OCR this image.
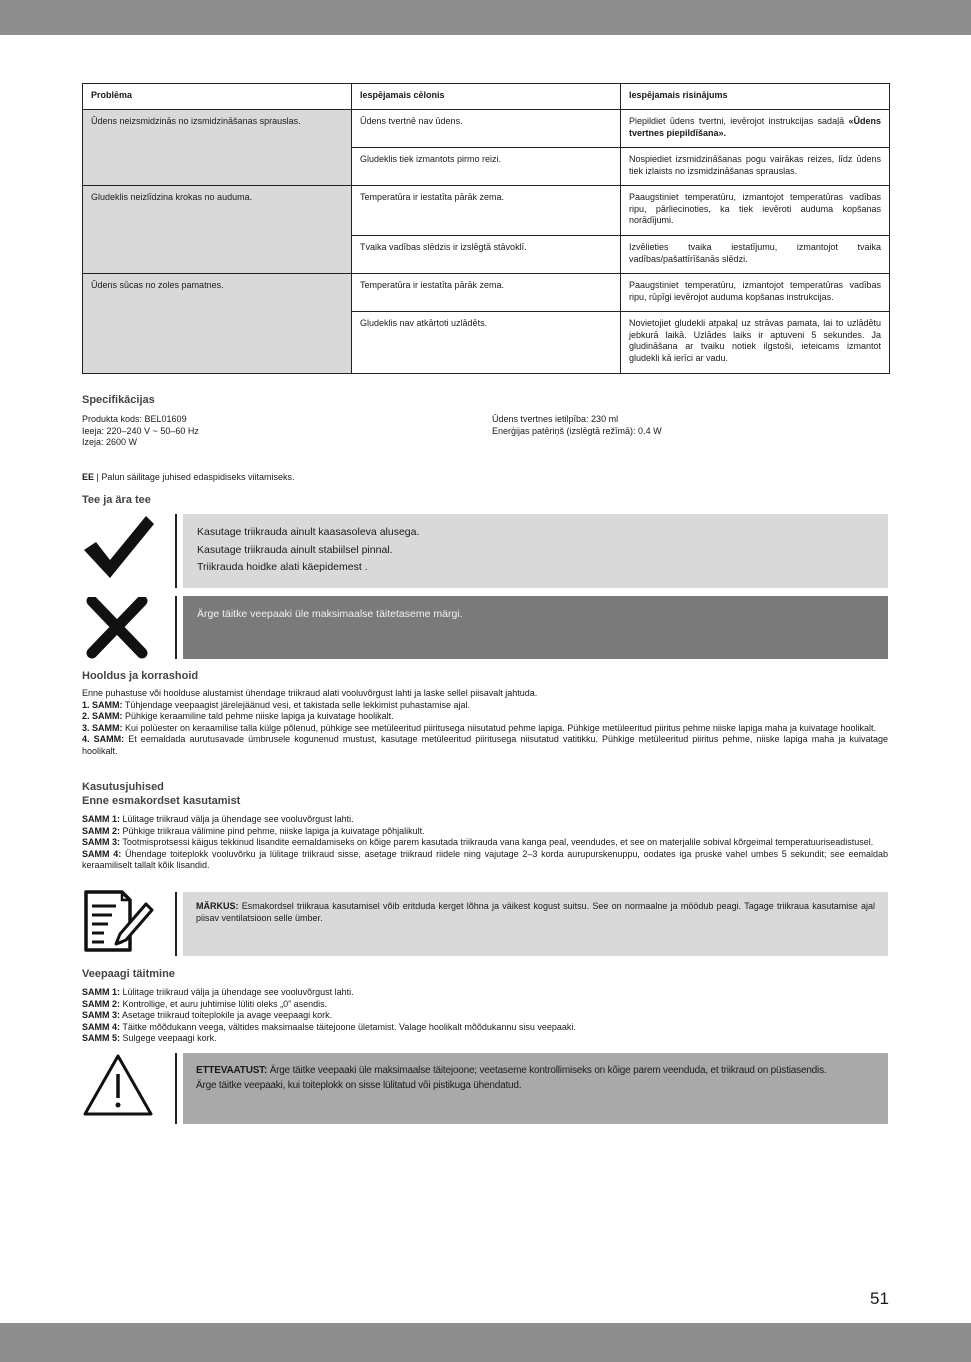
Problēma	Iespējamais cēlonis	Iespējamais risinājums
Ūdens neizsmidzinās no izsmidzināšanas sprauslas.	Ūdens tvertnē nav ūdens.	Piepildiet ūdens tvertni, ievērojot instrukcijas sadaļā «Ūdens tvertnes piepildīšana».
	Gludeklis tiek izmantots pirmo reizi.	Nospiediet izsmidzināšanas pogu vairākas reizes, līdz ūdens tiek izlaists no izsmidzināšanas sprauslas.
Gludeklis neizlīdzina krokas no auduma.	Temperatūra ir iestatīta pārāk zema.	Paaugstiniet temperatūru, izmantojot temperatūras vadības ripu, pārliecinoties, ka tiek ievēroti auduma kopšanas norādījumi.
	Tvaika vadības slēdzis ir izslēgtā stāvoklī.	Izvēlieties tvaika iestatījumu, izmantojot tvaika vadības/pašattīrīšanās slēdzi.
Ūdens sūcas no zoles pamatnes.	Temperatūra ir iestatīta pārāk zema.	Paaugstiniet temperatūru, izmantojot temperatūras vadības ripu, rūpīgi ievērojot auduma kopšanas instrukcijas.
	Gludeklis nav atkārtoti uzlādēts.	Novietojiet gludekli atpakaļ uz strāvas pamata, lai to uzlādētu jebkurā laikā. Uzlādes laiks ir aptuveni 5 sekundes. Ja gludināšana ar tvaiku notiek ilgstoši, ieteicams izmantot gludekli kā ierīci ar vadu.
Specifikācijas
Produkta kods: BEL01609
Ieeja: 220–240 V ~ 50–60 Hz
Izeja: 2600 W
Ūdens tvertnes ietilpība: 230 ml
Enerģijas patēriņš (izslēgtā režīmā): 0.4 W
EE | Palun säilitage juhised edaspidiseks viitamiseks.
Tee ja ära tee
Kasutage triikrauda ainult kaasasoleva alusega.
Kasutage triikrauda ainult stabiilsel pinnal.
Triikrauda hoidke alati käepidemest .
Ärge täitke veepaaki üle maksimaalse täitetaseme märgi.
Hooldus ja korrashoid

Enne puhastuse või hoolduse alustamist ühendage triikraud alati vooluvõrgust lahti ja laske sellel piisavalt jahtuda.

1. SAMM: Tühjendage veepaagist järelejäänud vesi, et takistada selle lekkimist puhastamise ajal.

2. SAMM: Pühkige keraamiline tald pehme niiske lapiga ja kuivatage hoolikalt.

3. SAMM: Kui polüester on keraamilise talla külge põlenud, pühkige see metüleeritud piiritusega niisutatud pehme lapiga. Pühkige metüleeritud piiritus pehme niiske lapiga maha ja kuivatage hoolikalt.

4. SAMM: Et eemaldada aurutusavade ümbrusele kogunenud mustust, kasutage metüleeritud piiritusega niisutatud vatitikku. Pühkige metüleeritud piiritus pehme, niiske lapiga maha ja kuivatage hoolikalt.

Kasutusjuhised
Enne esmakordset kasutamist

SAMM 1: Lülitage triikraud välja ja ühendage see vooluvõrgust lahti.

SAMM 2: Pühkige triikraua välimine pind pehme, niiske lapiga ja kuivatage põhjalikult.

SAMM 3: Tootmisprotsessi käigus tekkinud lisandite eemaldamiseks on kõige parem kasutada triikrauda vana kanga peal, veendudes, et see on materjalile sobival kõrgeimal temperatuuriseadistusel.

SAMM 4: Ühendage toiteplokk vooluvõrku ja lülitage triikraud sisse, asetage triikraud riidele ning vajutage 2–3 korda aurupurskenuppu, oodates iga pruske vahel umbes 5 sekundit; see eemaldab keraamiliselt tallalt kõik lisandid.

MÄRKUS: Esmakordsel triikraua kasutamisel võib eritduda kerget lõhna ja väikest kogust suitsu. See on normaalne ja möödub peagi. Tagage triikraua kasutamise ajal piisav ventilatsioon selle ümber.
Veepaagi täitmine

SAMM 1: Lülitage triikraud välja ja ühendage see vooluvõrgust lahti.

SAMM 2: Kontrollige, et auru juhtimise lüliti oleks „0” asendis.

SAMM 3: Asetage triikraud toiteplokile ja avage veepaagi kork.

SAMM 4: Täitke mõõdukann veega, vältides maksimaalse täitejoone ületamist. Valage hoolikalt mõõdukannu sisu veepaaki.

SAMM 5: Sulgege veepaagi kork.

ETTEVAATUST: Ärge täitke veepaaki üle maksimaalse täitejoone; veetaseme kontrollimiseks on kõige parem veenduda, et triikraud on püstiasendis.
Ärge täitke veepaaki, kui toiteplokk on sisse lülitatud või pistikuga ühendatud.
51
